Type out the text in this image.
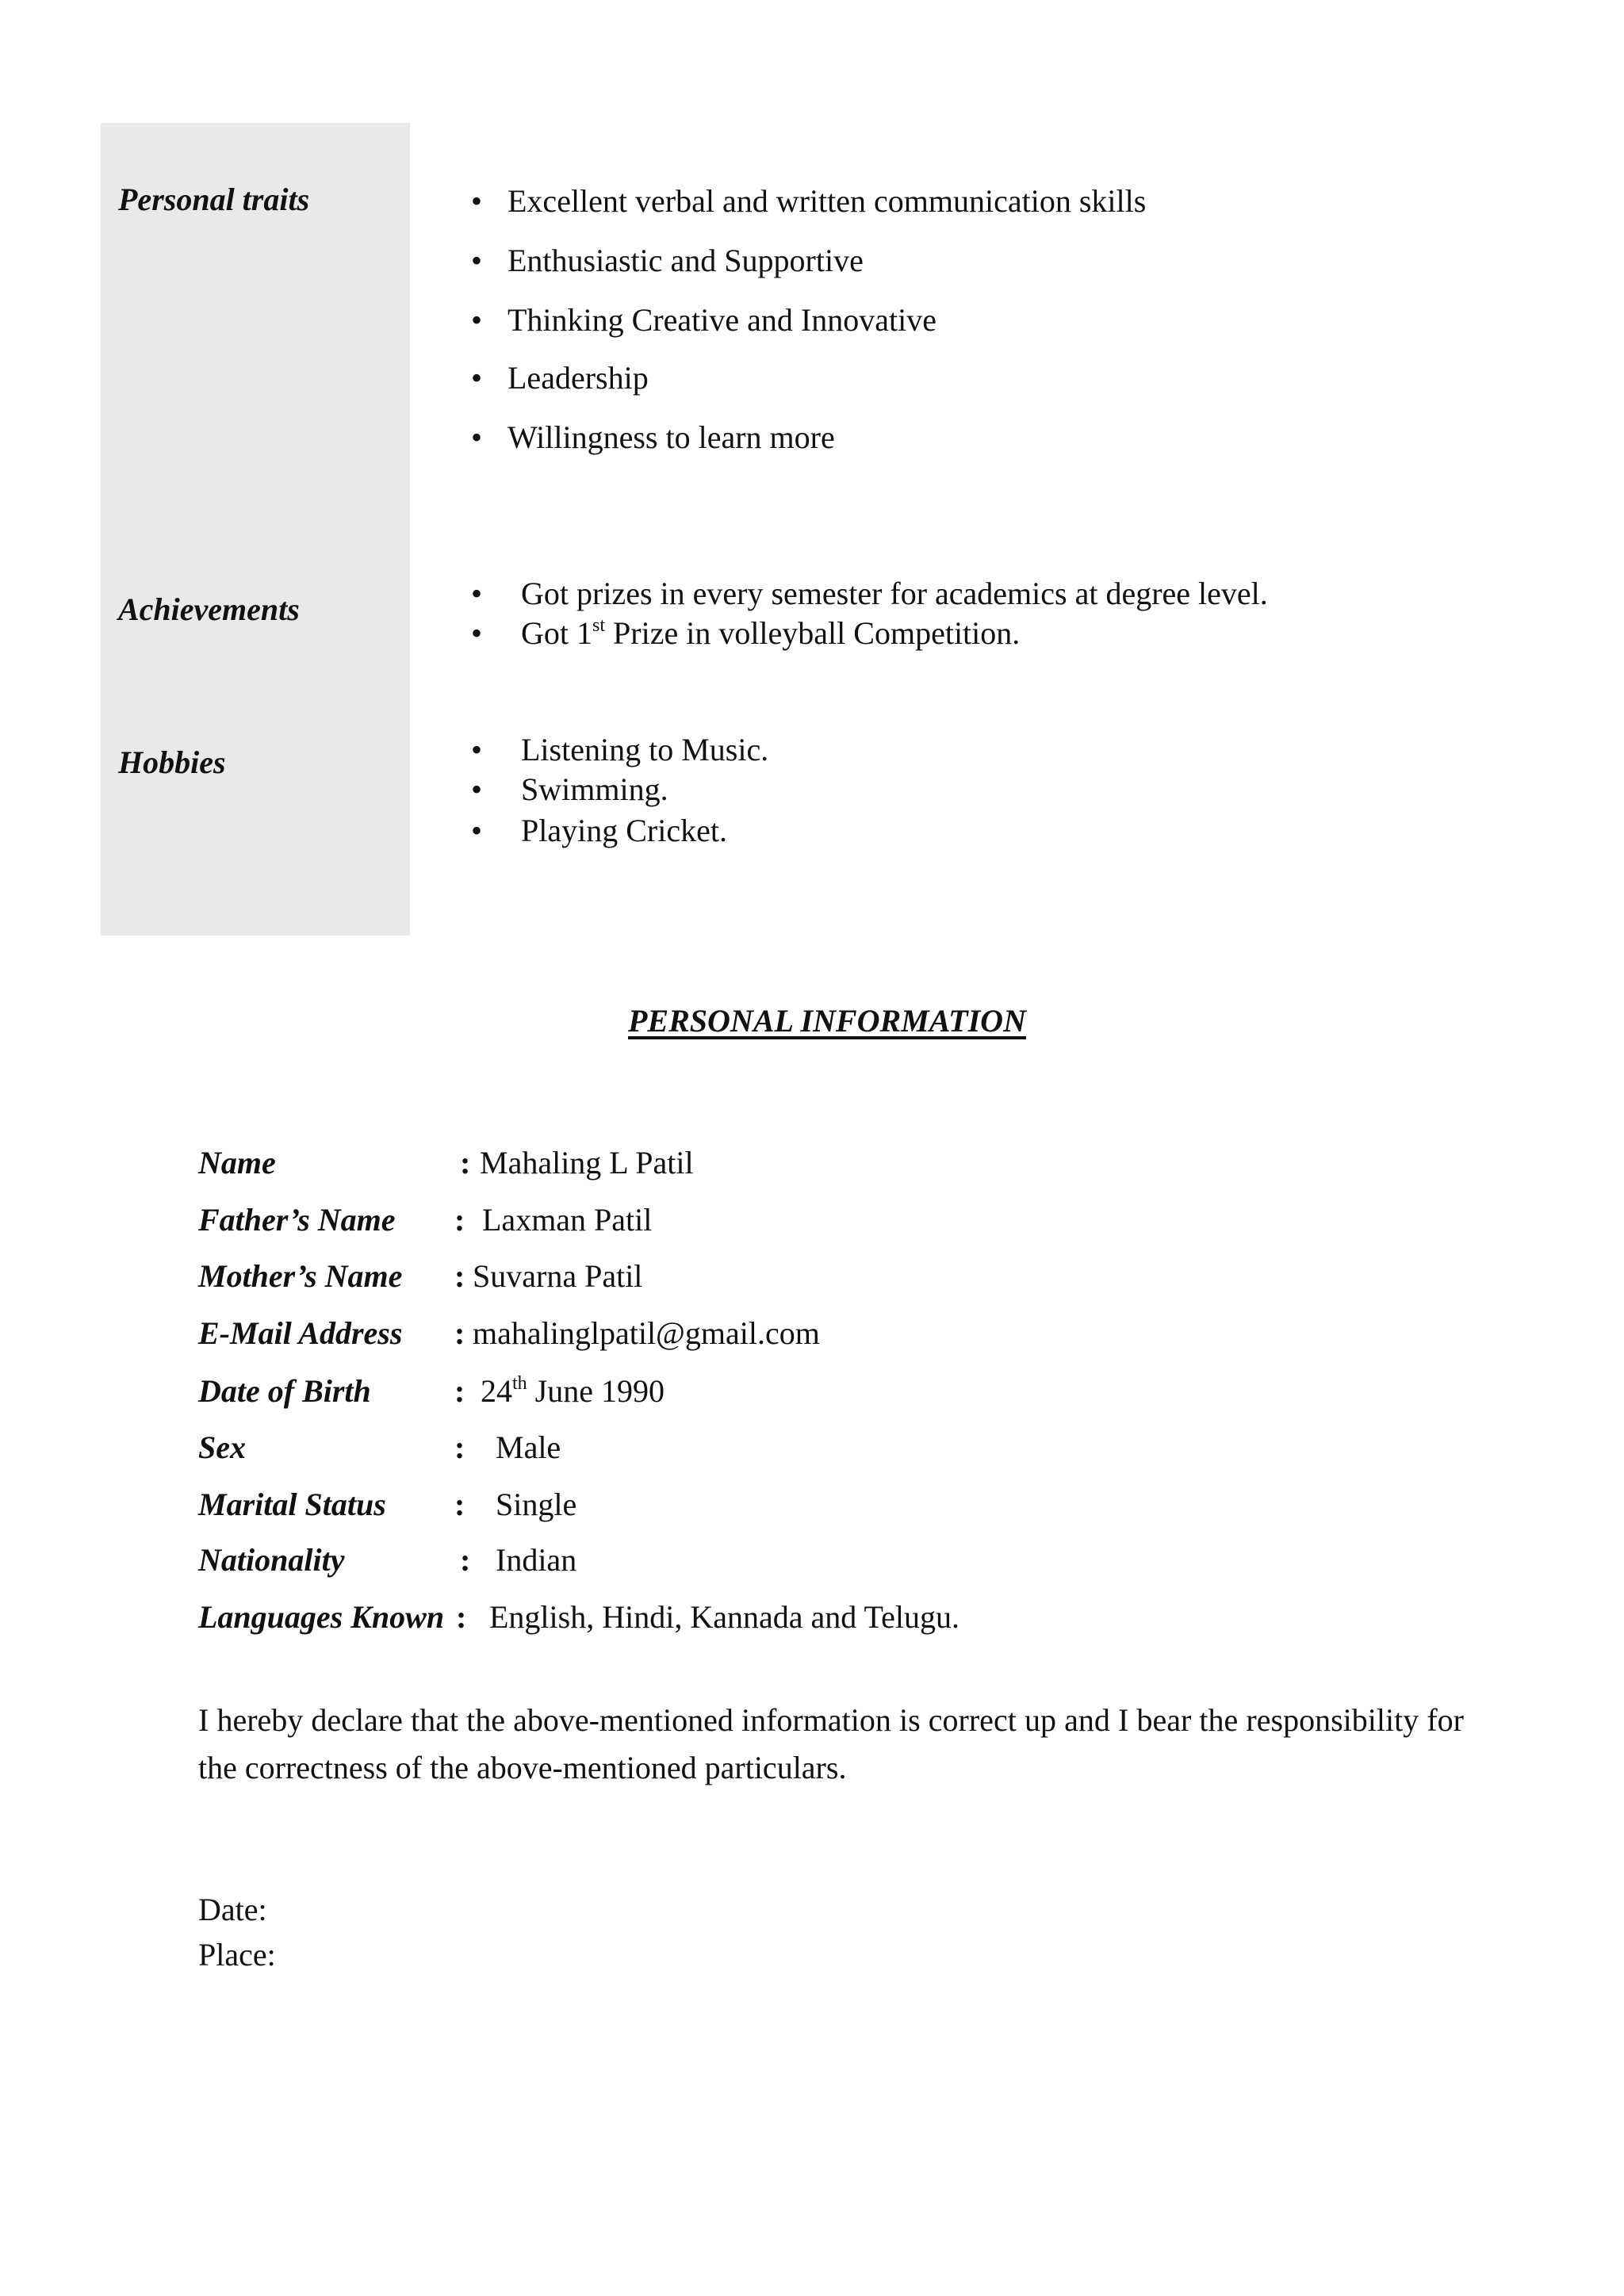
Personal traits	• Excellent verbal and written communication skills
• Enthusiastic and Supportive
• Thinking Creative and Innovative
• Leadership
• Willingness to learn more
Achievements	• Got prizes in every semester for academics at degree level.
• Got 1st Prize in volleyball Competition.
Hobbies	• Listening to Music.
• Swimming.
• Playing Cricket.
PERSONAL INFORMATION
Name	: Mahaling L Patil
Father’s Name : Laxman Patil
Mother’s Name : Suvarna Patil
E-Mail Address : mahalinglpatil@gmail.com
Date of Birth	: 24th June 1990
Sex	: Male
Marital Status : Single
Nationality	: Indian
Languages Known : English, Hindi, Kannada and Telugu.

I hereby declare that the above-mentioned information is correct up and I bear the responsibility for the correctness of the above-mentioned particulars.

Date:
Place:
